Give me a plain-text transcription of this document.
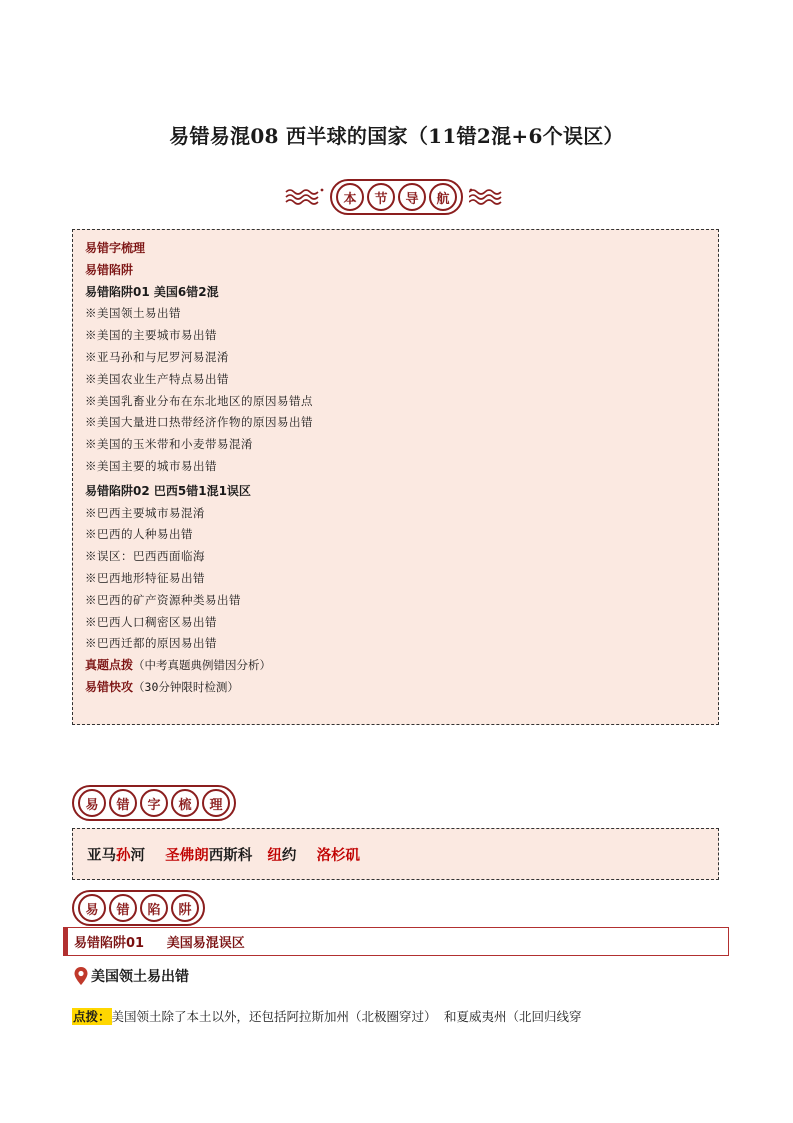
易错易混08 西半球的国家（11错2混+6个误区）
本	节	导	航
易错字梳理
易错陷阱
易错陷阱01 美国6错2混
※美国领土易出错
※美国的主要城市易出错
※亚马孙和与尼罗河易混淆
※美国农业生产特点易出错
※美国乳畜业分布在东北地区的原因易错点
※美国大量进口热带经济作物的原因易出错
※美国的玉米带和小麦带易混淆
※美国主要的城市易出错
易错陷阱02 巴西5错1混1误区
※巴西主要城市易混淆
※巴西的人种易出错
※误区：巴西西面临海
※巴西地形特征易出错
※巴西的矿产资源种类易出错
※巴西人口稠密区易出错
※巴西迁都的原因易出错
真题点拨（中考真题典例错因分析）
易错快攻（30分钟限时检测）
易	错	字	梳	理
亚马 孙 河 圣佛朗 西斯科 纽 约 洛杉矶
易	错	陷	阱
易错陷阱01     美国易混误区
美国领土易出错
点拨：美国领土除了本土以外，还包括阿拉斯加州（北极圈穿过） 和夏威夷州（北回归线穿
